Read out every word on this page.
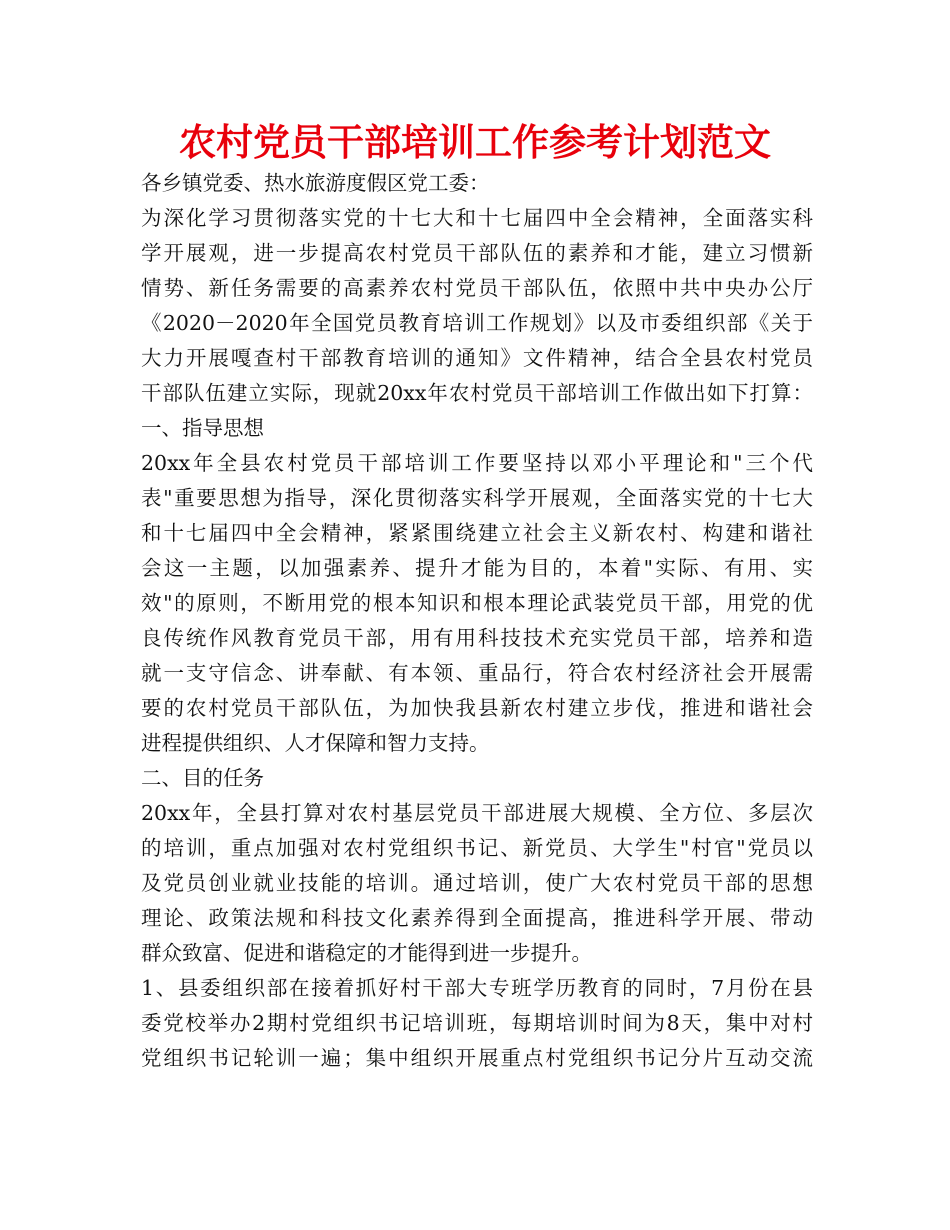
农村党员干部培训工作参考计划范文
各乡镇党委、热水旅游度假区党工委：
为深化学习贯彻落实党的十七大和十七届四中全会精神，全面落实科
学开展观，进一步提高农村党员干部队伍的素养和才能，建立习惯新
情势、新任务需要的高素养农村党员干部队伍，依照中共中央办公厅
《2020－2020年全国党员教育培训工作规划》以及市委组织部《关于
大力开展嘎查村干部教育培训的通知》文件精神，结合全县农村党员
干部队伍建立实际，现就20xx年农村党员干部培训工作做出如下打算：
一、指导思想
20xx年全县农村党员干部培训工作要坚持以邓小平理论和"三个代
表"重要思想为指导，深化贯彻落实科学开展观，全面落实党的十七大
和十七届四中全会精神，紧紧围绕建立社会主义新农村、构建和谐社
会这一主题，以加强素养、提升才能为目的，本着"实际、有用、实
效"的原则，不断用党的根本知识和根本理论武装党员干部，用党的优
良传统作风教育党员干部，用有用科技技术充实党员干部，培养和造
就一支守信念、讲奉献、有本领、重品行，符合农村经济社会开展需
要的农村党员干部队伍，为加快我县新农村建立步伐，推进和谐社会
进程提供组织、人才保障和智力支持。
二、目的任务
20xx年，全县打算对农村基层党员干部进展大规模、全方位、多层次
的培训，重点加强对农村党组织书记、新党员、大学生"村官"党员以
及党员创业就业技能的培训。通过培训，使广大农村党员干部的思想
理论、政策法规和科技文化素养得到全面提高，推进科学开展、带动
群众致富、促进和谐稳定的才能得到进一步提升。
1、县委组织部在接着抓好村干部大专班学历教育的同时，7月份在县
委党校举办2期村党组织书记培训班，每期培训时间为8天，集中对村
党组织书记轮训一遍；集中组织开展重点村党组织书记分片互动交流
